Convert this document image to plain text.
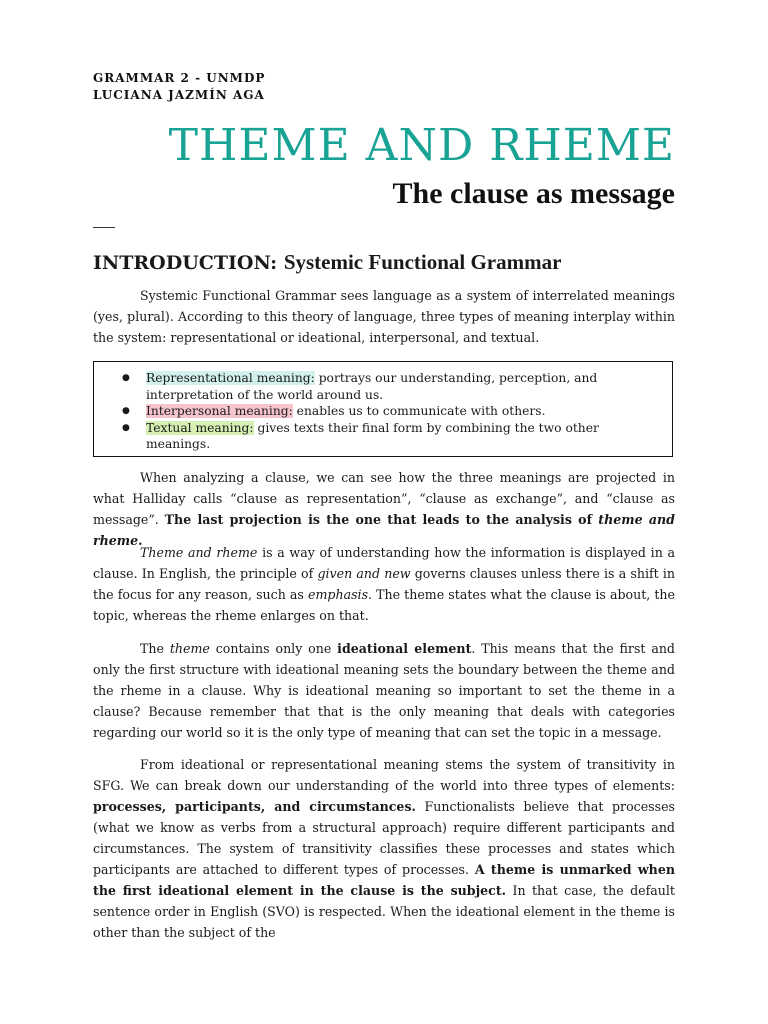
GRAMMAR 2 - UNMDP
LUCIANA JAZMÍN AGA
THEME AND RHEME
The clause as message
INTRODUCTION: Systemic Functional Grammar

Systemic Functional Grammar sees language as a system of interrelated meanings (yes, plural). According to this theory of language, three types of meaning interplay within the system: representational or ideational, interpersonal, and textual.

● Representational meaning: portrays our understanding, perception, and interpretation of the world around us.
● Interpersonal meaning: enables us to communicate with others.
● Textual meaning: gives texts their final form by combining the two other meanings.

When analyzing a clause, we can see how the three meanings are projected in what Halliday calls “clause as representation”, “clause as exchange”, and “clause as message”. The last projection is the one that leads to the analysis of theme and rheme.

Theme and rheme is a way of understanding how the information is displayed in a clause. In English, the principle of given and new governs clauses unless there is a shift in the focus for any reason, such as emphasis. The theme states what the clause is about, the topic, whereas the rheme enlarges on that.

The theme contains only one ideational element. This means that the first and only the first structure with ideational meaning sets the boundary between the theme and the rheme in a clause. Why is ideational meaning so important to set the theme in a clause? Because remember that that is the only meaning that deals with categories regarding our world so it is the only type of meaning that can set the topic in a message.

From ideational or representational meaning stems the system of transitivity in SFG. We can break down our understanding of the world into three types of elements: processes, participants, and circumstances. Functionalists believe that processes (what we know as verbs from a structural approach) require different participants and circumstances. The system of transitivity classifies these processes and states which participants are attached to different types of processes. A theme is unmarked when the first ideational element in the clause is the subject. In that case, the default sentence order in English (SVO) is respected. When the ideational element in the theme is other than the subject of the
